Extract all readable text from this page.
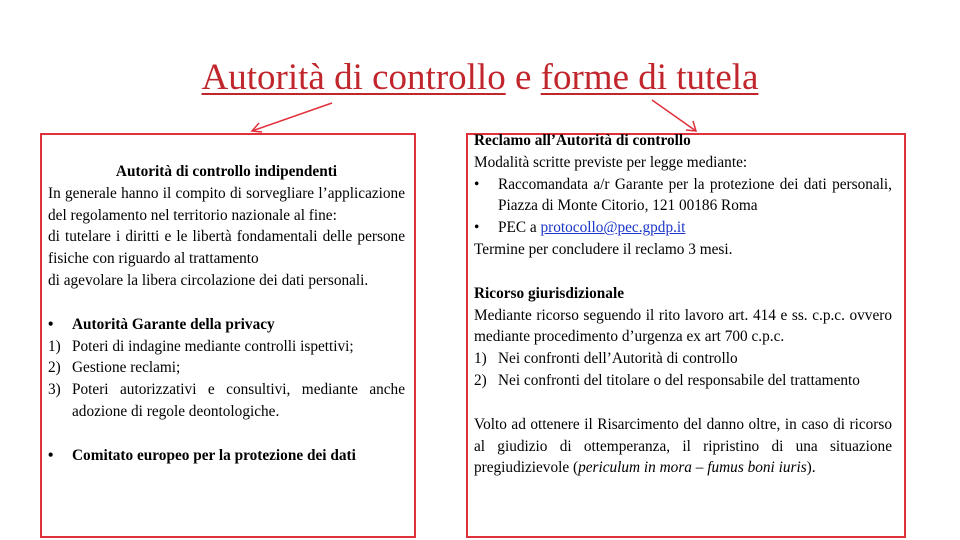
Autorità di controllo e forme di tutela
Autorità di controllo indipendenti
In generale hanno il compito di sorvegliare l’applicazione del regolamento nel territorio nazionale al fine:
di tutelare i diritti e le libertà fondamentali delle persone fisiche con riguardo al trattamento
di agevolare la libera circolazione dei dati personali.
•	Autorità Garante della privacy
1) Poteri di indagine mediante controlli ispettivi;
2) Gestione reclami;
3) Poteri autorizzativi e consultivi, mediante anche adozione di regole deontologiche.
•	Comitato europeo per la protezione dei dati
Reclamo all’Autorità di controllo
Modalità scritte previste per legge mediante:
•	Raccomandata a/r Garante per la protezione dei dati personali, Piazza di Monte Citorio, 121 00186 Roma
•	PEC a protocollo@pec.gpdp.it
Termine per concludere il reclamo 3 mesi.
Ricorso giurisdizionale
Mediante ricorso seguendo il rito lavoro art. 414 e ss. c.p.c. ovvero mediante procedimento d’urgenza ex art 700 c.p.c.
1) Nei confronti dell’Autorità di controllo
2) Nei confronti del titolare o del responsabile del trattamento
Volto ad ottenere il Risarcimento del danno oltre, in caso di ricorso al giudizio di ottemperanza, il ripristino di una situazione pregiudizievole (periculum in mora – fumus boni iuris).
